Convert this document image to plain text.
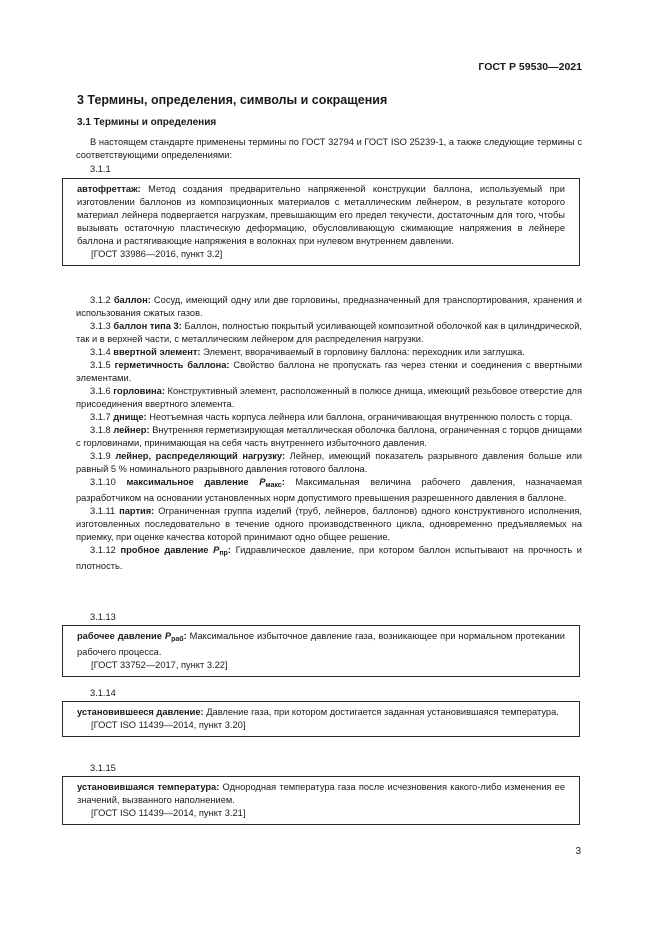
ГОСТ Р 59530—2021
3 Термины, определения, символы и сокращения
3.1 Термины и определения

В настоящем стандарте применены термины по ГОСТ 32794 и ГОСТ ISO 25239-1, а также следующие термины с соответствующими определениями:

3.1.1
автофреттаж: Метод создания предварительно напряженной конструкции баллона, используемый при изготовлении баллонов из композиционных материалов с металлическим лейнером, в результате которого материал лейнера подвергается нагрузкам, превышающим его предел текучести, достаточным для того, чтобы вызывать остаточную пластическую деформацию, обусловливающую сжимающие напряжения в лейнере баллона и растягивающие напряжения в волокнах при нулевом внутреннем давлении.
[ГОСТ 33986—2016, пункт 3.2]

3.1.2 баллон: Сосуд, имеющий одну или две горловины, предназначенный для транспортирования, хранения и использования сжатых газов.

3.1.3 баллон типа 3: Баллон, полностью покрытый усиливающей композитной оболочкой как в цилиндрической, так и в верхней части, с металлическим лейнером для распределения нагрузки.

3.1.4 ввертной элемент: Элемент, вворачиваемый в горловину баллона: переходник или заглушка.

3.1.5 герметичность баллона: Свойство баллона не пропускать газ через стенки и соединения с ввертными элементами.

3.1.6 горловина: Конструктивный элемент, расположенный в полюсе днища, имеющий резьбовое отверстие для присоединения ввертного элемента.

3.1.7 днище: Неотъемная часть корпуса лейнера или баллона, ограничивающая внутреннюю полость с торца.

3.1.8 лейнер: Внутренняя герметизирующая металлическая оболочка баллона, ограниченная с торцов днищами с горловинами, принимающая на себя часть внутреннего избыточного давления.

3.1.9 лейнер, распределяющий нагрузку: Лейнер, имеющий показатель разрывного давления больше или равный 5 % номинального разрывного давления готового баллона.

3.1.10 максимальное давление $P_{макс}$: Максимальная величина рабочего давления, назначаемая разработчиком на основании установленных норм допустимого превышения разрешенного давления в баллоне.

3.1.11 партия: Ограниченная группа изделий (труб, лейнеров, баллонов) одного конструктивного исполнения, изготовленных последовательно в течение одного производственного цикла, одновременно предъявляемых на приемку, при оценке качества которой принимают одно общее решение.

3.1.12 пробное давление $P_{пр}$: Гидравлическое давление, при котором баллон испытывают на прочность и плотность.

3.1.13
рабочее давление $P_{раб}$: Максимальное избыточное давление газа, возникающее при нормальном протекании рабочего процесса.
[ГОСТ 33752—2017, пункт 3.22]
3.1.14
установившееся давление: Давление газа, при котором достигается заданная установившаяся температура.
[ГОСТ ISO 11439—2014, пункт 3.20]
3.1.15
установившаяся температура: Однородная температура газа после исчезновения какого-либо изменения ее значений, вызванного наполнением.
[ГОСТ ISO 11439—2014, пункт 3.21]
3
